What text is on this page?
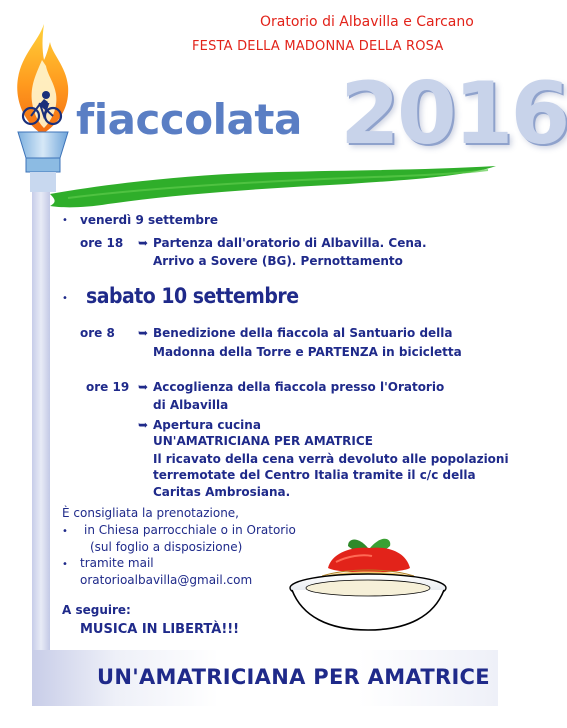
Oratorio di Albavilla e Carcano
FESTA DELLA MADONNA DELLA ROSA
2016
fiaccolata
• venerdì 9 settembre
ore 18 ➥ Partenza dall'oratorio di Albavilla. Cena.
Arrivo a Sovere (BG). Pernottamento
• sabato 10 settembre
ore 8 ➥ Benedizione della fiaccola al Santuario della
Madonna della Torre e PARTENZA in bicicletta
ore 19 ➥ Accoglienza della fiaccola presso l'Oratorio
di Albavilla
➥ Apertura cucina
UN'AMATRICIANA PER AMATRICE
Il ricavato della cena verrà devoluto alle popolazioni
terremotate del Centro Italia tramite il c/c della
Caritas Ambrosiana.
È consigliata la prenotazione,
• in Chiesa parrocchiale o in Oratorio
(sul foglio a disposizione)
• tramite mail
oratorioalbavilla@gmail.com
A seguire:
MUSICA IN LIBERTÀ!!!
UN'AMATRICIANA PER AMATRICE
